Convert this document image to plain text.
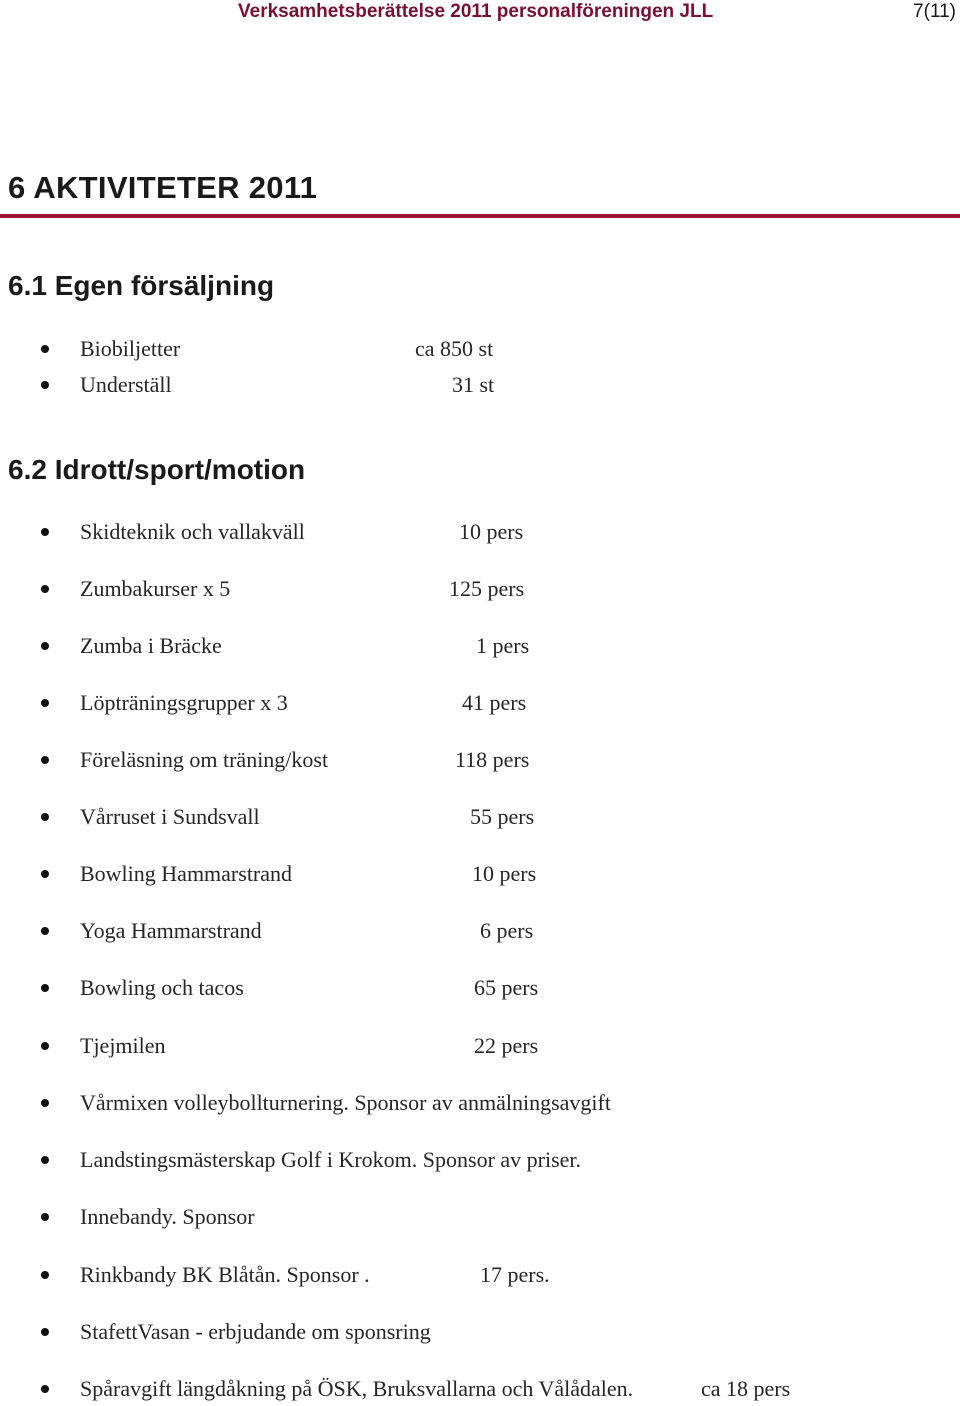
Verksamhetsberättelse 2011 personalföreningen JLL	7(11)
6 AKTIVITETER 2011
6.1 Egen försäljning
Biobiljetter	ca 850 st
Underställ	31 st
6.2 Idrott/sport/motion
Skidteknik och vallakväll	10 pers
Zumbakurser x 5	125 pers
Zumba i Bräcke	1 pers
Löpträningsgrupper x 3	41 pers
Föreläsning om träning/kost	118 pers
Vårruset i Sundsvall	55 pers
Bowling Hammarstrand	10 pers
Yoga Hammarstrand	6 pers
Bowling och tacos	65 pers
Tjejmilen	22 pers
Vårmixen volleybollturnering. Sponsor av anmälningsavgift
Landstingsmästerskap Golf i Krokom. Sponsor av priser.
Innebandy. Sponsor
Rinkbandy BK Blåtån. Sponsor .	17 pers.
StafettVasan - erbjudande om sponsring
Spåravgift längdåkning på ÖSK, Bruksvallarna och Vålådalen.	ca 18 pers
